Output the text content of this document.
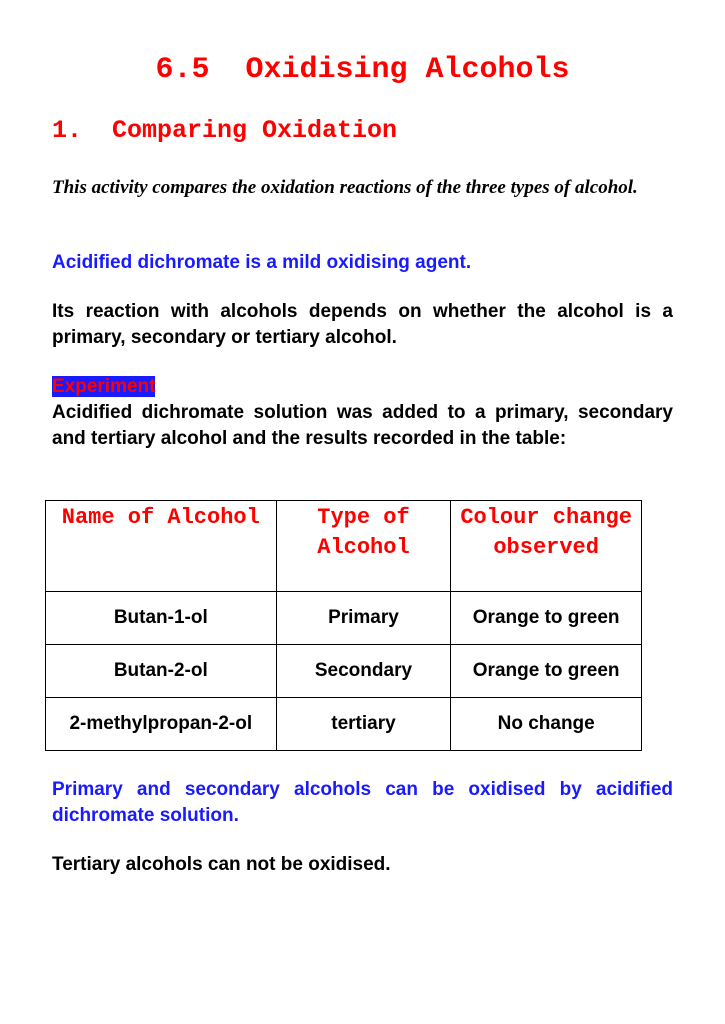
6.5  Oxidising Alcohols
1.  Comparing Oxidation
This activity compares the oxidation reactions of the three types of alcohol.
Acidified dichromate is a mild oxidising agent.
Its reaction with alcohols depends on whether the alcohol is a primary, secondary or tertiary alcohol.
Experiment
Acidified dichromate solution was added to a primary, secondary and tertiary alcohol and the results recorded in the table:
Name of Alcohol	Type of Alcohol	Colour change observed
Butan-1-ol	Primary	Orange to green
Butan-2-ol	Secondary	Orange to green
2-methylpropan-2-ol	tertiary	No change
Primary and secondary alcohols can be oxidised by acidified dichromate solution.
Tertiary alcohols can not be oxidised.
